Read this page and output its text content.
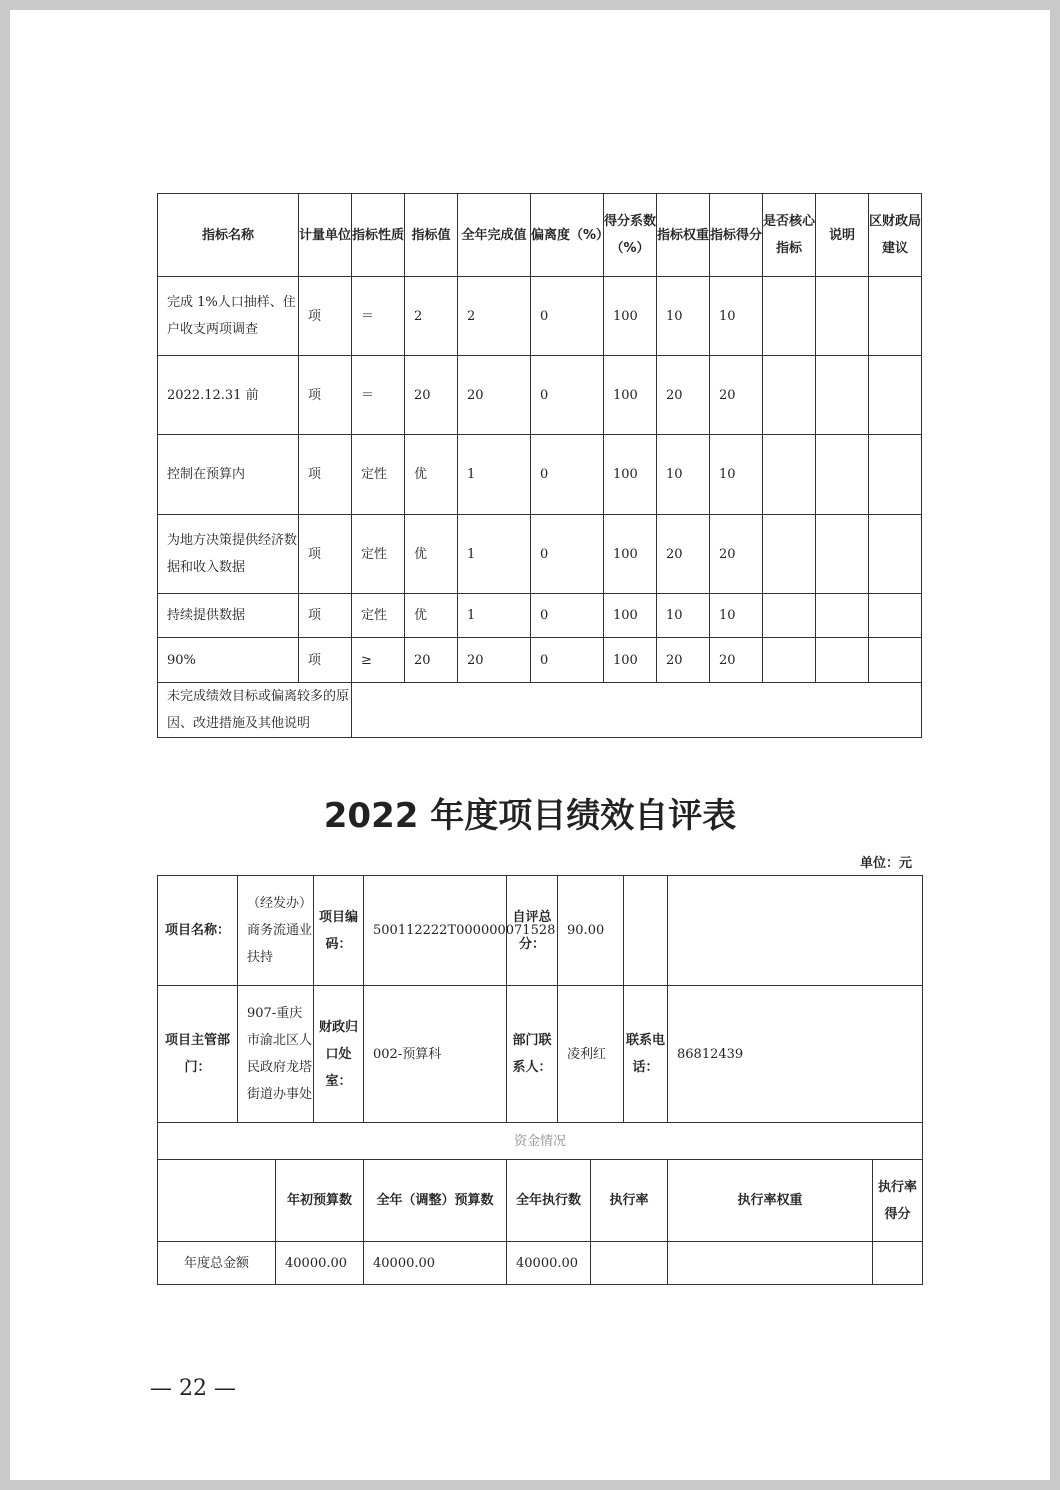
指标名称	计量单位	指标性质	指标值	全年完成值	偏离度（%）	得分系数（%）	指标权重	指标得分	是否核心指标	说明	区财政局建议
完成 1%人口抽样、住户收支两项调查	项	＝	2	2	0	100	10	10			
2022.12.31 前	项	＝	20	20	0	100	20	20			
控制在预算内	项	定性	优	1	0	100	10	10			
为地方决策提供经济数据和收入数据	项	定性	优	1	0	100	20	20			
持续提供数据	项	定性	优	1	0	100	10	10			
90%	项	≥	20	20	0	100	20	20			
未完成绩效目标或偏离较多的原因、改进措施及其他说明											
2022 年度项目绩效自评表
单位：元
项目名称：	（经发办）商务流通业扶持		项目编码：	500112222T000000071528	自评总分：	90.00				
项目主管部门：	907-重庆市渝北区人民政府龙塔街道办事处		财政归口处室：	002-预算科	部门联系人：	凌利红		联系电话：	86812439	
资金情况										
		年初预算数		全年（调整）预算数	全年执行数		执行率		执行率权重	执行率得分
年度总金额		40000.00		40000.00	40000.00					
— 22 —
